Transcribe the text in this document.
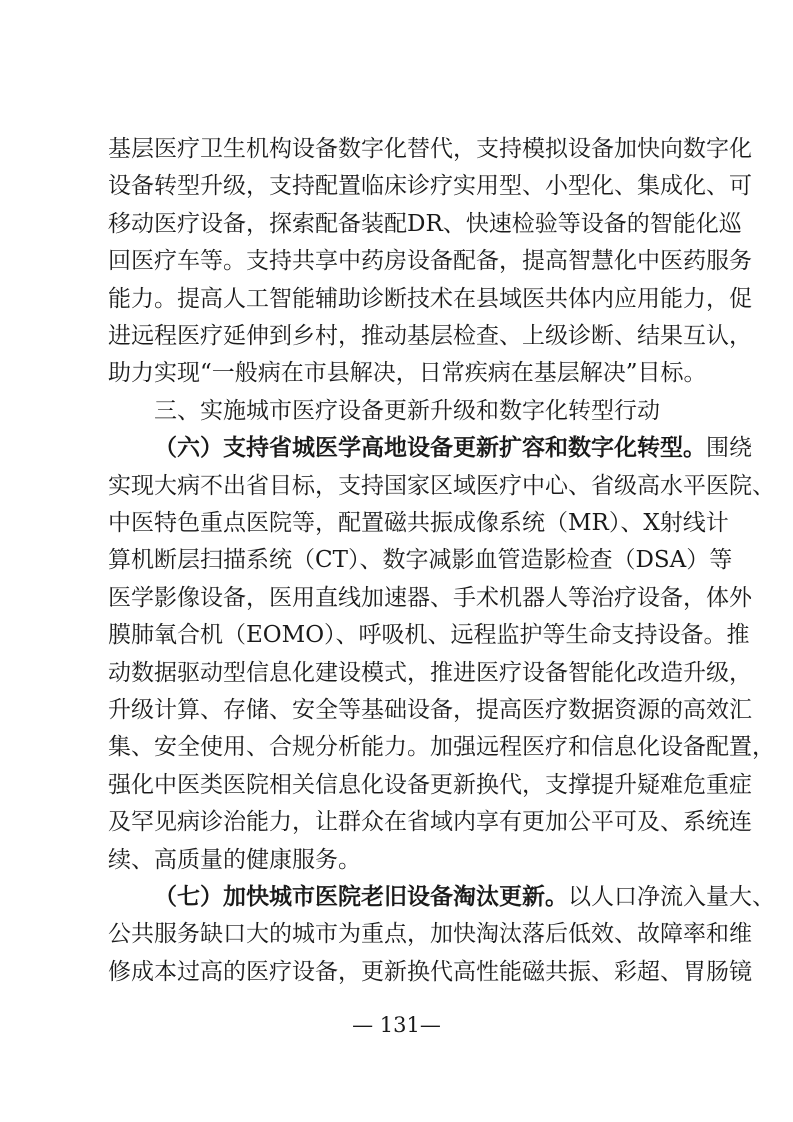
— 131—
基层医疗卫生机构设备数字化替代，支持模拟设备加快向数字化
设备转型升级，支持配置临床诊疗实用型、小型化、集成化、可
移动医疗设备，探索配备装配DR、快速检验等设备的智能化巡
回医疗车等。支持共享中药房设备配备，提高智慧化中医药服务
能力。提高人工智能辅助诊断技术在县域医共体内应用能力，促
进远程医疗延伸到乡村，推动基层检查、上级诊断、结果互认，
助力实现“一般病在市县解决，日常疾病在基层解决”目标。
三、实施城市医疗设备更新升级和数字化转型行动
（六）支持省城医学高地设备更新扩容和数字化转型。围绕
实现大病不出省目标，支持国家区域医疗中心、省级高水平医院、
中医特色重点医院等，配置磁共振成像系统（MR）、X射线计
算机断层扫描系统（CT）、数字减影血管造影检查（DSA）等
医学影像设备，医用直线加速器、手术机器人等治疗设备，体外
膜肺氧合机（EOMO）、呼吸机、远程监护等生命支持设备。推
动数据驱动型信息化建设模式，推进医疗设备智能化改造升级，
升级计算、存储、安全等基础设备，提高医疗数据资源的高效汇
集、安全使用、合规分析能力。加强远程医疗和信息化设备配置，
强化中医类医院相关信息化设备更新换代，支撑提升疑难危重症
及罕见病诊治能力，让群众在省域内享有更加公平可及、系统连
续、高质量的健康服务。
（七）加快城市医院老旧设备淘汰更新。以人口净流入量大、
公共服务缺口大的城市为重点，加快淘汰落后低效、故障率和维
修成本过高的医疗设备，更新换代高性能磁共振、彩超、胃肠镜
